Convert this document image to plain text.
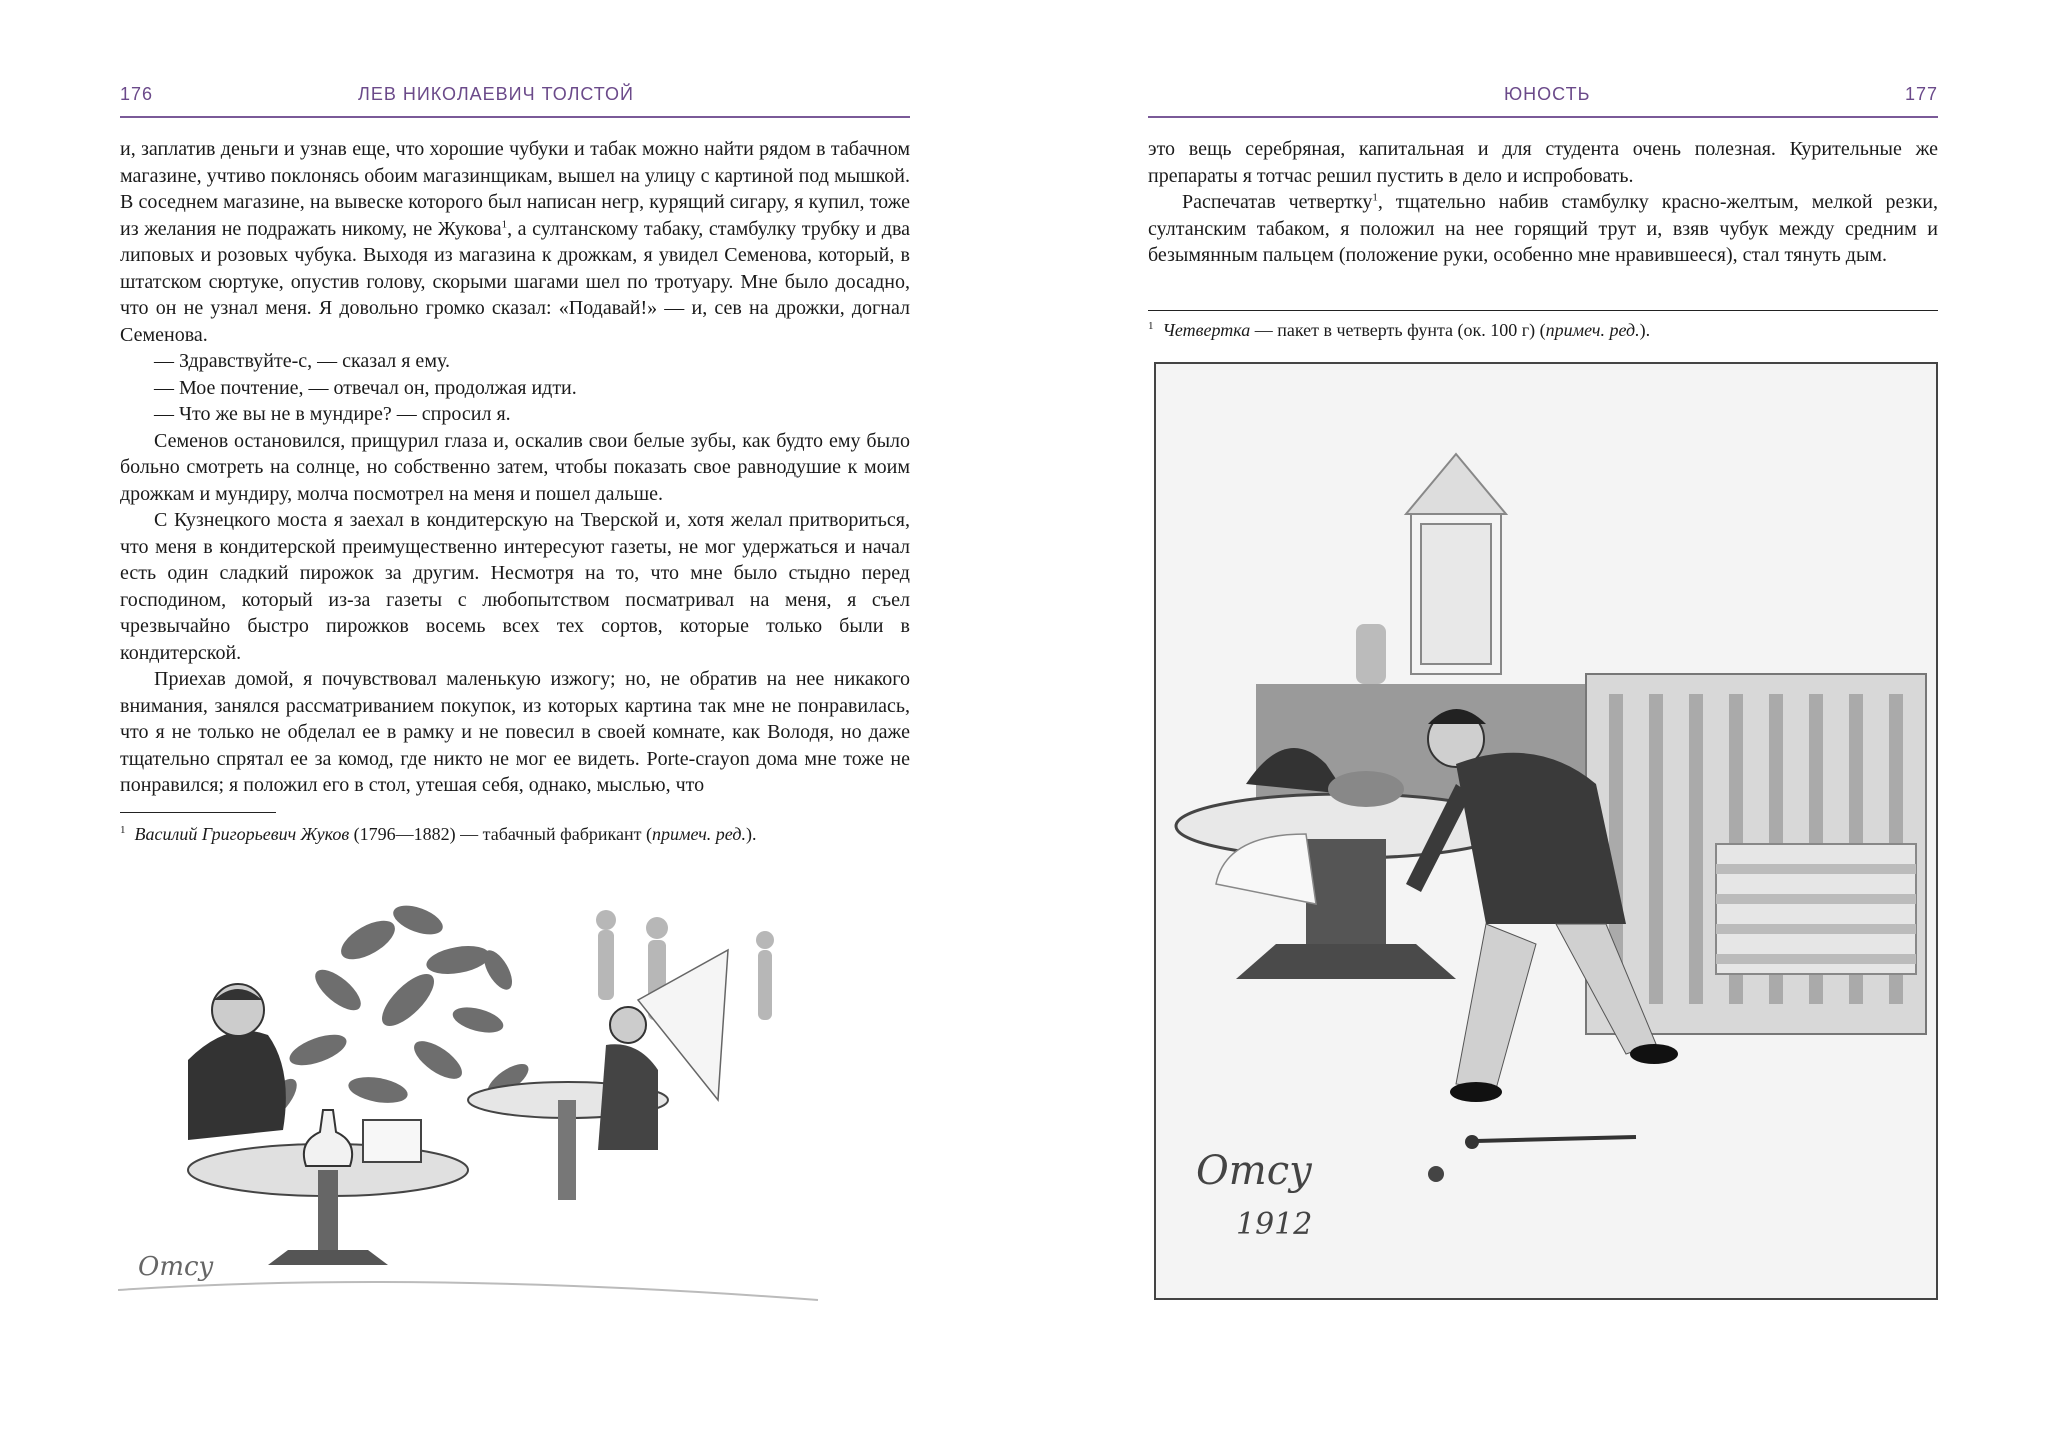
176	ЛЕВ НИКОЛАЕВИЧ ТОЛСТОЙ

и, заплатив деньги и узнав еще, что хорошие чубуки и табак можно найти рядом в табачном магазине, учтиво поклонясь обоим магазинщикам, вышел на улицу с картиной под мышкой. В соседнем магазине, на вывеске которого был написан негр, курящий сигару, я купил, тоже из желания не подражать никому, не Жукова$^1$, а султанскому табаку, стамбулку трубку и два липовых и розовых чубука. Выходя из магазина к дрожкам, я увидел Семенова, который, в штатском сюртуке, опустив голову, скорыми шагами шел по тротуару. Мне было досадно, что он не узнал меня. Я довольно громко сказал: «Подавай!» — и, сев на дрожки, догнал Семенова.

— Здравствуйте-с, — сказал я ему.

— Мое почтение, — отвечал он, продолжая идти.

— Что же вы не в мундире? — спросил я.

Семенов остановился, прищурил глаза и, оскалив свои белые зубы, как будто ему было больно смотреть на солнце, но собственно затем, чтобы показать свое равнодушие к моим дрожкам и мундиру, молча посмотрел на меня и пошел дальше.

С Кузнецкого моста я заехал в кондитерскую на Тверской и, хотя желал притвориться, что меня в кондитерской преимущественно интересуют газеты, не мог удержаться и начал есть один сладкий пирожок за другим. Несмотря на то, что мне было стыдно перед господином, который из-за газеты с любопытством посматривал на меня, я съел чрезвычайно быстро пирожков восемь всех тех сортов, которые только были в кондитерской.

Приехав домой, я почувствовал маленькую изжогу; но, не обратив на нее никакого внимания, занялся рассматриванием покупок, из которых картина так мне не понравилась, что я не только не обделал ее в рамку и не повесил в своей комнате, как Володя, но даже тщательно спрятал ее за комод, где никто не мог ее видеть. Porte-crayon дома мне тоже не понравился; я положил его в стол, утешая себя, однако, мыслью, что

$^1$ Василий Григорьевич Жуков (1796—1882) — табачный фабрикант (примеч. ред.).
Отсу
ЮНОСТЬ	177

это вещь серебряная, капитальная и для студента очень полезная. Курительные же препараты я тотчас решил пустить в дело и испробовать.

Распечатав четвертку$^1$, тщательно набив стамбулку красно-желтым, мелкой резки, султанским табаком, я положил на нее горящий трут и, взяв чубук между средним и безымянным пальцем (положение руки, особенно мне нравившееся), стал тянуть дым.

$^1$ Четвертка — пакет в четверть фунта (ок. 100 г) (примеч. ред.).
Отсу
1912
